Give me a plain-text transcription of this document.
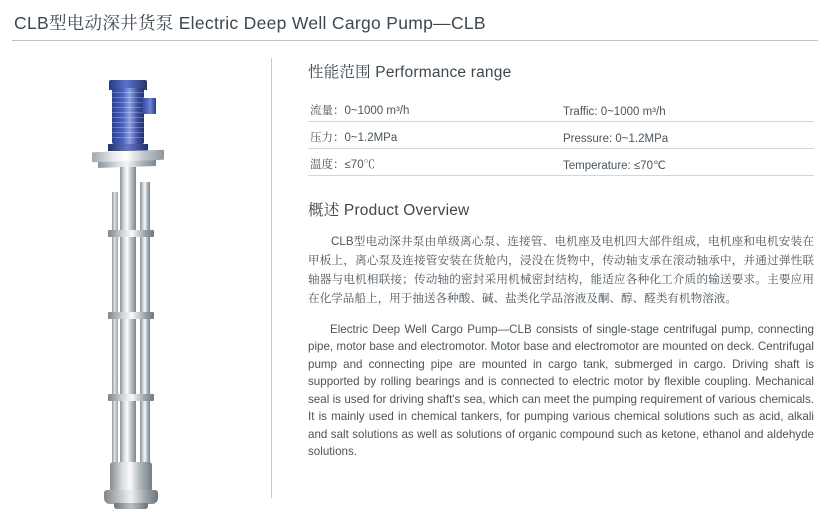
CLB型电动深井货泵 Electric Deep Well Cargo Pump—CLB
性能范围 Performance range
流量：0~1000 m³/h	Traffic: 0~1000 m³/h
压力：0~1.2MPa	Pressure: 0~1.2MPa
温度：≤70℃	Temperature: ≤70℃
概述 Product Overview

CLB型电动深井泵由单级离心泵、连接管、电机座及电机四大部件组成，电机座和电机安装在甲板上，离心泵及连接管安装在货舱内，浸没在货物中，传动轴支承在滚动轴承中，并通过弹性联轴器与电机相联接；传动轴的密封采用机械密封结构，能适应各种化工介质的输送要求。主要应用在化学品船上，用于抽送各种酸、碱、盐类化学品溶液及酮、醇、醛类有机物溶液。

Electric Deep Well Cargo Pump—CLB consists of single-stage centrifugal pump, connecting pipe, motor base and electromotor. Motor base and electromotor are mounted on deck. Centrifugal pump and connecting pipe are mounted in cargo tank, submerged in cargo. Driving shaft is supported by rolling bearings and is connected to electric motor by flexible coupling. Mechanical seal is used for driving shaft's sea, which can meet the pumping requirement of various chemicals. It is mainly used in chemical tankers, for pumping various chemical solutions such as acid, alkali and salt solutions as well as solutions of organic compound such as ketone, ethanol and aldehyde solutions.
